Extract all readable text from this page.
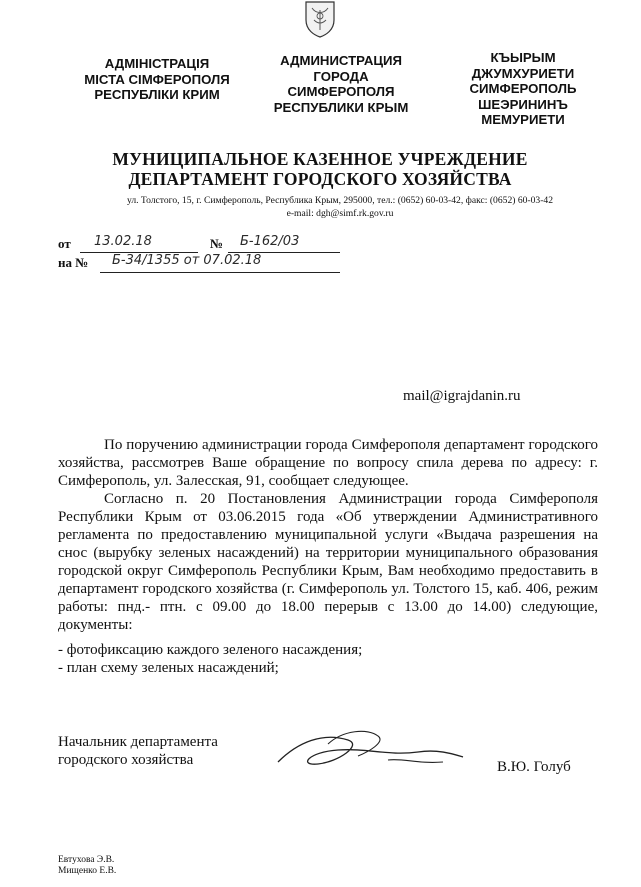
АДМІНІСТРАЦІЯ
МІСТА СІМФЕРОПОЛЯ
РЕСПУБЛІКИ КРИМ
АДМИНИСТРАЦИЯ
ГОРОДА
СИМФЕРОПОЛЯ
РЕСПУБЛИКИ КРЫМ
КЪЫРЫМ
ДЖУМХУРИЕТИ
СИМФЕРОПОЛЬ
ШЕЭРИНИНЪ
МЕМУРИЕТИ
МУНИЦИПАЛЬНОЕ КАЗЕННОЕ УЧРЕЖДЕНИЕ
ДЕПАРТАМЕНТ ГОРОДСКОГО ХОЗЯЙСТВА
ул. Толстого, 15, г. Симферополь, Республика Крым, 295000, тел.: (0652) 60-03-42, факс: (0652) 60-03-42
e-mail: dgh@simf.rk.gov.ru
от 13.02.18	№ Б-162/03
на № Б-34/1355 от 07.02.18
mail@igrajdanin.ru
По поручению администрации города Симферополя департамент городского хозяйства, рассмотрев Ваше обращение по вопросу спила дерева по адресу: г. Симферополь, ул. Залесская, 91, сообщает следующее.
Согласно п. 20 Постановления Администрации города Симферополя Республики Крым от 03.06.2015 года «Об утверждении Административного регламента по предоставлению муниципальной услуги «Выдача разрешения на снос (вырубку зеленых насаждений) на территории муниципального образования городской округ Симферополь Республики Крым, Вам необходимо предоставить в департамент городского хозяйства (г. Симферополь ул. Толстого 15, каб. 406, режим работы: пнд.- птн. с 09.00 до 18.00 перерыв с 13.00 до 14.00) следующие, документы:
- фотофиксацию каждого зеленого насаждения;
- план схему зеленых насаждений;
Начальник департамента
городского хозяйства	В.Ю. Голуб
Евтухова Э.В.
Мищенко Е.В.
